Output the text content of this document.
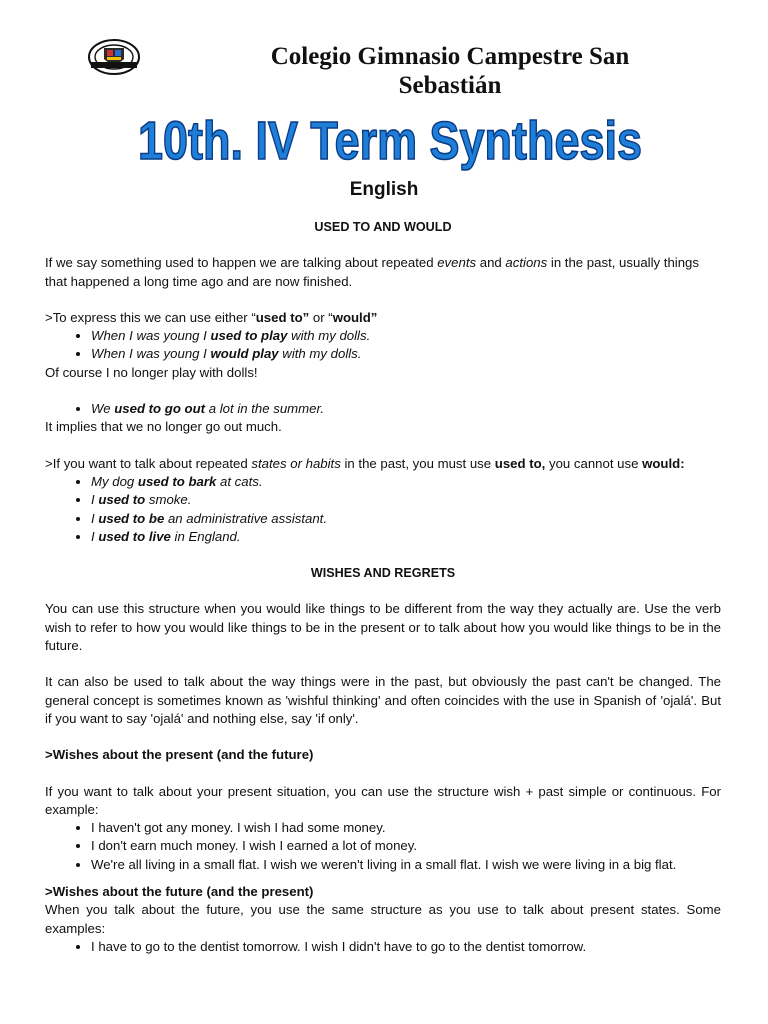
Colegio Gimnasio Campestre San
Sebastián
10th. IV Term Synthesis
English

USED TO AND WOULD

If we say something used to happen we are talking about repeated events and actions in the past, usually things that happened a long time ago and are now finished.

>To express this we can use either “used to” or “would”

• When I was young I used to play with my dolls.
• When I was young I would play with my dolls.

Of course I no longer play with dolls!

• We used to go out a lot in the summer.

It implies that we no longer go out much.

>If you want to talk about repeated states or habits in the past, you must use used to, you cannot use would:

• My dog used to bark at cats.
• I used to smoke.
• I used to be an administrative assistant.
• I used to live in England.

WISHES AND REGRETS

You can use this structure when you would like things to be different from the way they actually are. Use the verb wish to refer to how you would like things to be in the present or to talk about how you would like things to be in the future.

It can also be used to talk about the way things were in the past, but obviously the past can't be changed. The general concept is sometimes known as 'wishful thinking' and often coincides with the use in Spanish of 'ojalá'. But if you want to say 'ojalá' and nothing else, say 'if only'.

>Wishes about the present (and the future)

If you want to talk about your present situation, you can use the structure wish + past simple or continuous. For example:

• I haven't got any money. I wish I had some money.
• I don't earn much money. I wish I earned a lot of money.
• We're all living in a small flat. I wish we weren't living in a small flat. I wish we were living in a big flat.

>Wishes about the future (and the present)

When you talk about the future, you use the same structure as you use to talk about present states. Some examples:

• I have to go to the dentist tomorrow. I wish I didn't have to go to the dentist tomorrow.
